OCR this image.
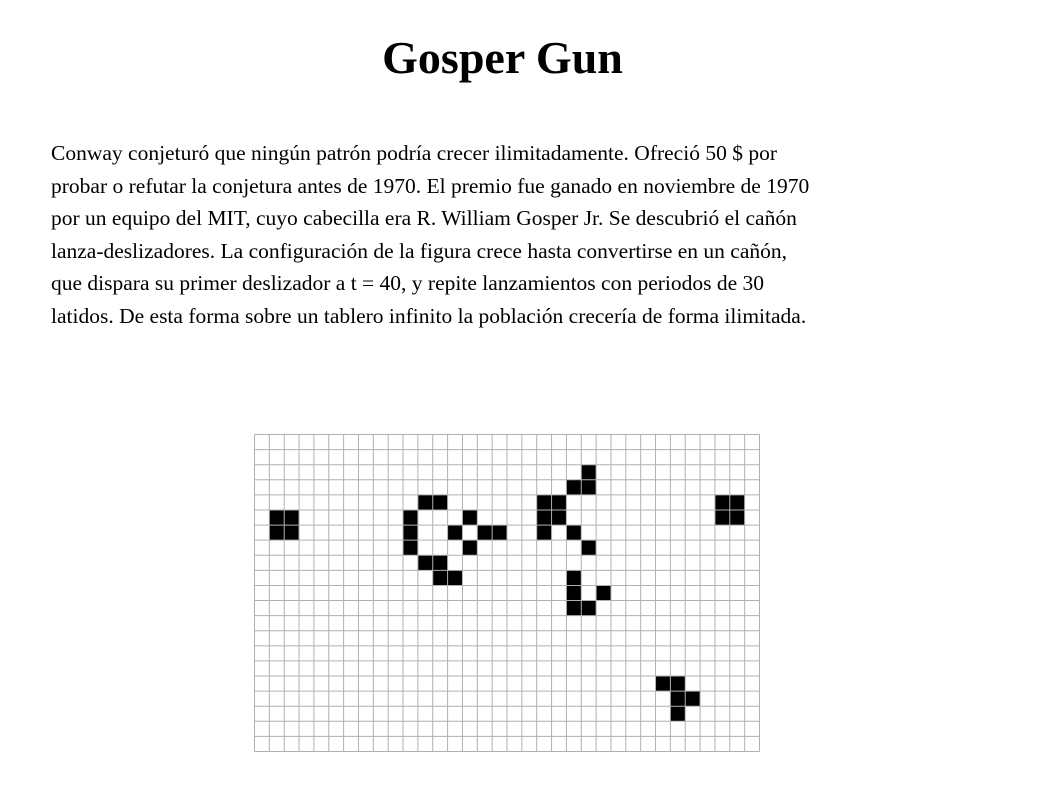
Gosper Gun

Conway conjeturó que ningún patrón podría crecer ilimitadamente. Ofreció 50 $ por
probar o refutar la conjetura antes de 1970. El premio fue ganado en noviembre de 1970
por un equipo del MIT, cuyo cabecilla era R. William Gosper Jr. Se descubrió el cañón
lanza-deslizadores. La configuración de la figura crece hasta convertirse en un cañón,
que dispara su primer deslizador a t = 40, y repite lanzamientos con periodos de 30
latidos. De esta forma sobre un tablero infinito la población crecería de forma ilimitada.
